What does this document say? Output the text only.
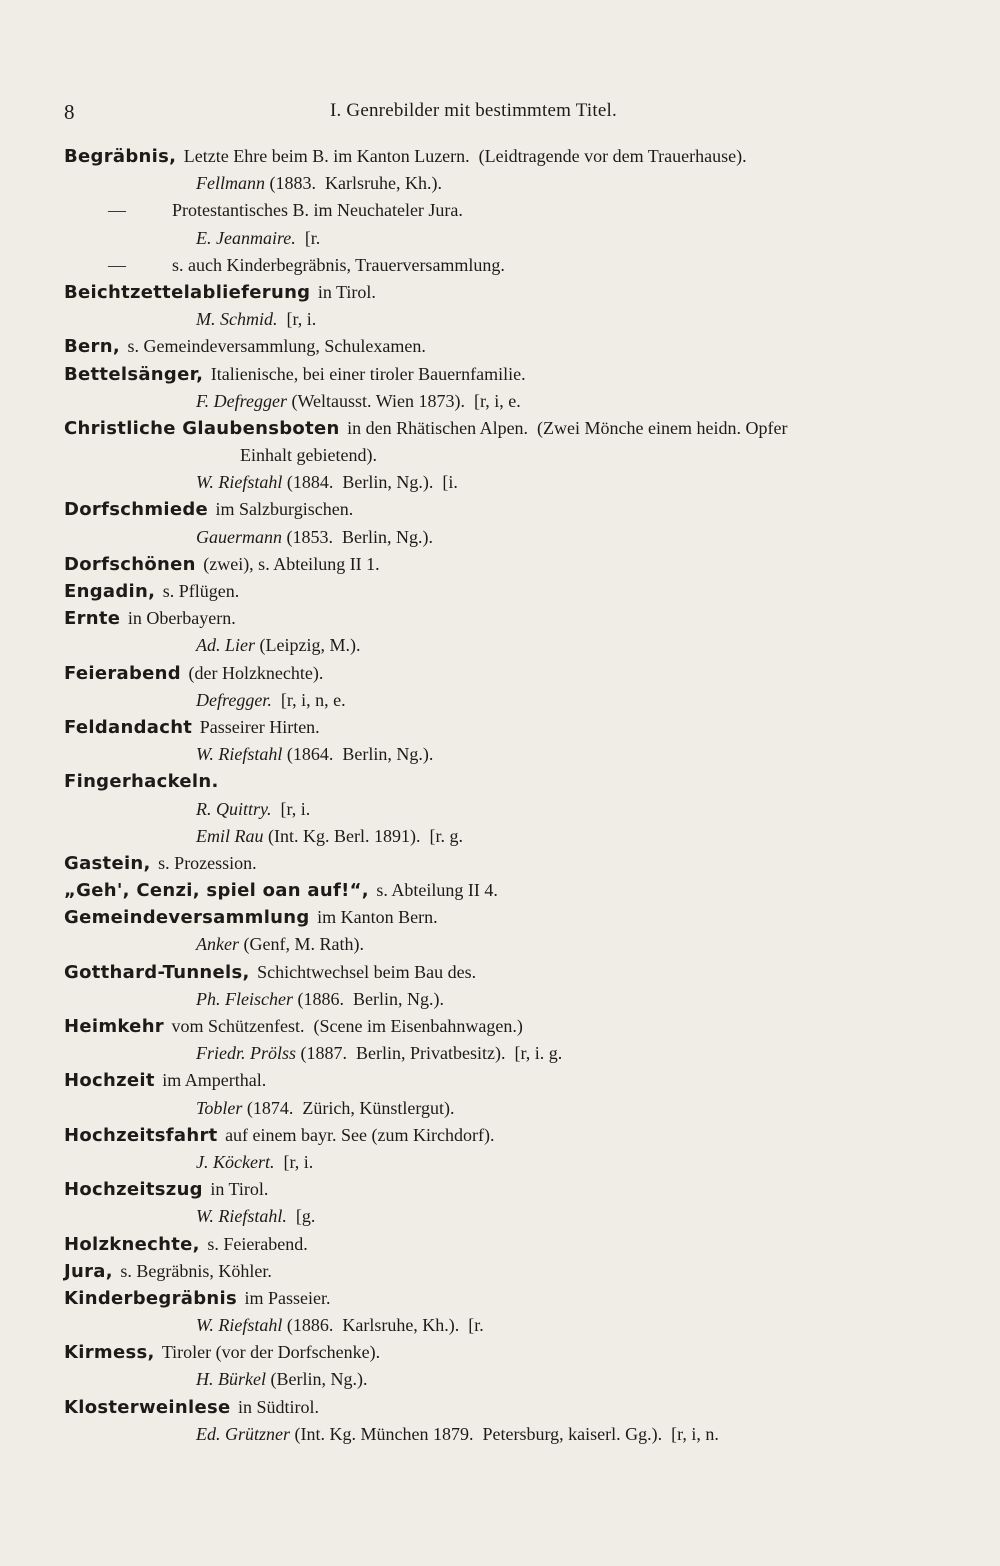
8	I. Genrebilder mit bestimmtem Titel.
Begräbnis, Letzte Ehre beim B. im Kanton Luzern.  (Leidtragende vor dem Trauerhause).
Fellmann (1883.  Karlsruhe, Kh.).
—	Protestantisches B. im Neuchateler Jura.
E. Jeanmaire.  [r.
—	s. auch Kinderbegräbnis, Trauerversammlung.
Beichtzettelablieferung in Tirol.
M. Schmid.  [r, i.
Bern, s. Gemeindeversammlung, Schulexamen.
Bettelsänger, Italienische, bei einer tiroler Bauernfamilie.
F. Defregger (Weltausst. Wien 1873).  [r, i, e.
Christliche Glaubensboten in den Rhätischen Alpen.  (Zwei Mönche einem heidn. Opfer
Einhalt gebietend).
W. Riefstahl (1884.  Berlin, Ng.).  [i.
Dorfschmiede im Salzburgischen.
Gauermann (1853.  Berlin, Ng.).
Dorfschönen (zwei), s. Abteilung II 1.
Engadin, s. Pflügen.
Ernte in Oberbayern.
Ad. Lier (Leipzig, M.).
Feierabend (der Holzknechte).
Defregger.  [r, i, n, e.
Feldandacht Passeirer Hirten.
W. Riefstahl (1864.  Berlin, Ng.).
Fingerhackeln.
R. Quittry.  [r, i.
Emil Rau (Int. Kg. Berl. 1891).  [r. g.
Gastein, s. Prozession.
„Geh', Cenzi, spiel oan auf!“, s. Abteilung II 4.
Gemeindeversammlung im Kanton Bern.
Anker (Genf, M. Rath).
Gotthard-Tunnels, Schichtwechsel beim Bau des.
Ph. Fleischer (1886.  Berlin, Ng.).
Heimkehr vom Schützenfest.  (Scene im Eisenbahnwagen.)
Friedr. Prölss (1887.  Berlin, Privatbesitz).  [r, i. g.
Hochzeit im Amperthal.
Tobler (1874.  Zürich, Künstlergut).
Hochzeitsfahrt auf einem bayr. See (zum Kirchdorf).
J. Köckert.  [r, i.
Hochzeitszug in Tirol.
W. Riefstahl.  [g.
Holzknechte, s. Feierabend.
Jura, s. Begräbnis, Köhler.
Kinderbegräbnis im Passeier.
W. Riefstahl (1886.  Karlsruhe, Kh.).  [r.
Kirmess, Tiroler (vor der Dorfschenke).
H. Bürkel (Berlin, Ng.).
Klosterweinlese in Südtirol.
Ed. Grützner (Int. Kg. München 1879.  Petersburg, kaiserl. Gg.).  [r, i, n.
